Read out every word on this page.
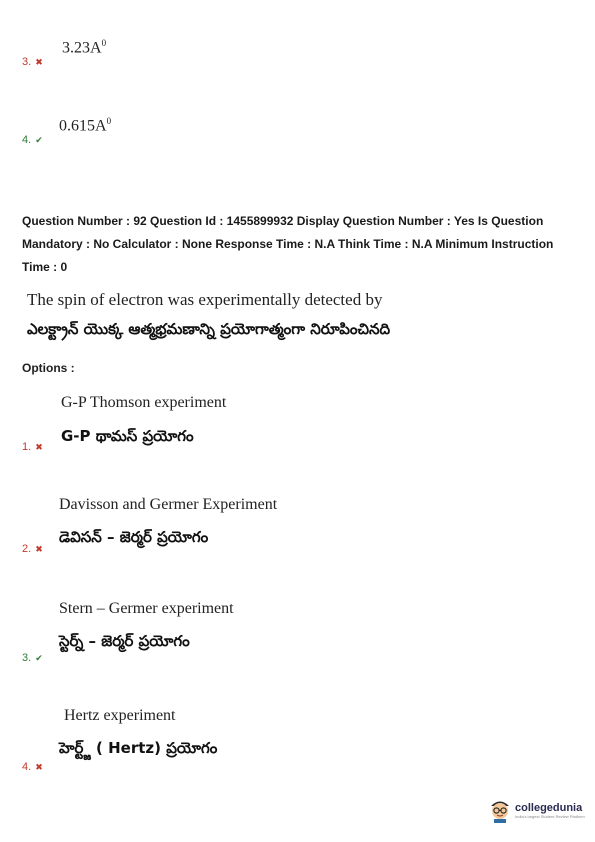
$3.23A^0$
3. ✖
$0.615A^0$
4. ✔
Question Number : 92 Question Id : 1455899932 Display Question Number : Yes Is Question
Mandatory : No Calculator : None Response Time : N.A Think Time : N.A Minimum Instruction
Time : 0
The spin of electron was experimentally detected by
ఎలక్ట్రాన్ యొక్క ఆత్మభ్రమణాన్ని ప్రయోగాత్మంగా నిరూపించినది
Options :
G-P Thomson experiment
G-P థామస్ ప్రయోగం
1. ✖
Davisson and Germer Experiment
డెవిసన్ – జెర్మర్ ప్రయోగం
2. ✖
Stern – Germer experiment
స్టెర్న్ – జెర్మర్ ప్రయోగం
3. ✔
Hertz experiment
హెర్ట్జ్ ( Hertz) ప్రయోగం
4. ✖
collegedunia
India's largest Student Review Platform
